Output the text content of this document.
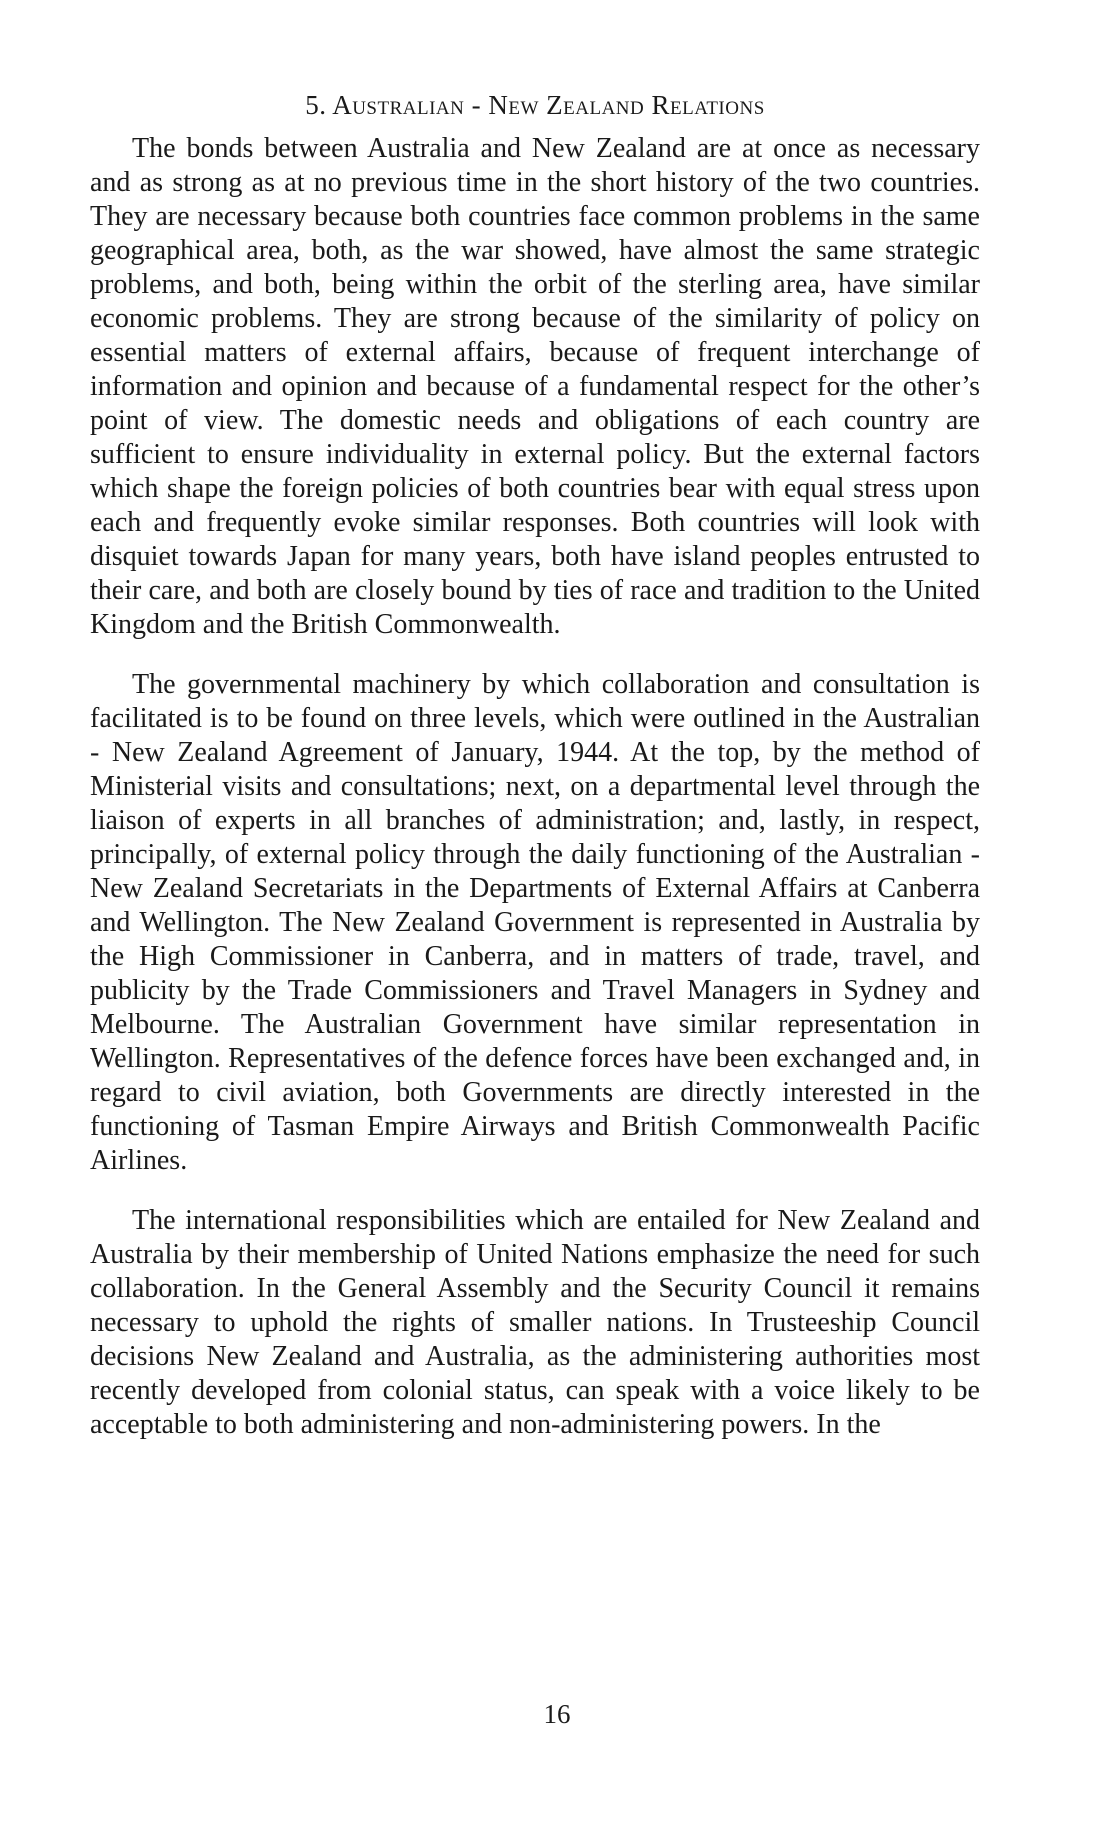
5. Australian - New Zealand Relations

The bonds between Australia and New Zealand are at once as necessary and as strong as at no previous time in the short history of the two countries. They are necessary because both countries face common problems in the same geographical area, both, as the war showed, have almost the same strategic problems, and both, being within the orbit of the sterling area, have similar economic problems. They are strong because of the similarity of policy on essential matters of external affairs, because of frequent interchange of information and opinion and because of a fundamental respect for the other’s point of view. The domestic needs and obligations of each country are sufficient to ensure individuality in external policy. But the external factors which shape the foreign policies of both countries bear with equal stress upon each and frequently evoke similar responses. Both countries will look with disquiet towards Japan for many years, both have island peoples entrusted to their care, and both are closely bound by ties of race and tradition to the United Kingdom and the British Commonwealth.

The governmental machinery by which collaboration and consultation is facilitated is to be found on three levels, which were outlined in the Australian - New Zealand Agreement of January, 1944. At the top, by the method of Ministerial visits and consultations; next, on a departmental level through the liaison of experts in all branches of administration; and, lastly, in respect, principally, of external policy through the daily functioning of the Australian - New Zealand Secretariats in the Departments of External Affairs at Canberra and Wellington. The New Zealand Government is represented in Australia by the High Commissioner in Canberra, and in matters of trade, travel, and publicity by the Trade Commissioners and Travel Managers in Sydney and Melbourne. The Australian Government have similar representation in Wellington. Representatives of the defence forces have been exchanged and, in regard to civil aviation, both Governments are directly interested in the functioning of Tasman Empire Airways and British Commonwealth Pacific Airlines.

The international responsibilities which are entailed for New Zealand and Australia by their membership of United Nations emphasize the need for such collaboration. In the General Assembly and the Security Council it remains necessary to uphold the rights of smaller nations. In Trusteeship Council decisions New Zealand and Australia, as the administering authorities most recently developed from colonial status, can speak with a voice likely to be acceptable to both administering and non-administering powers. In the

16
